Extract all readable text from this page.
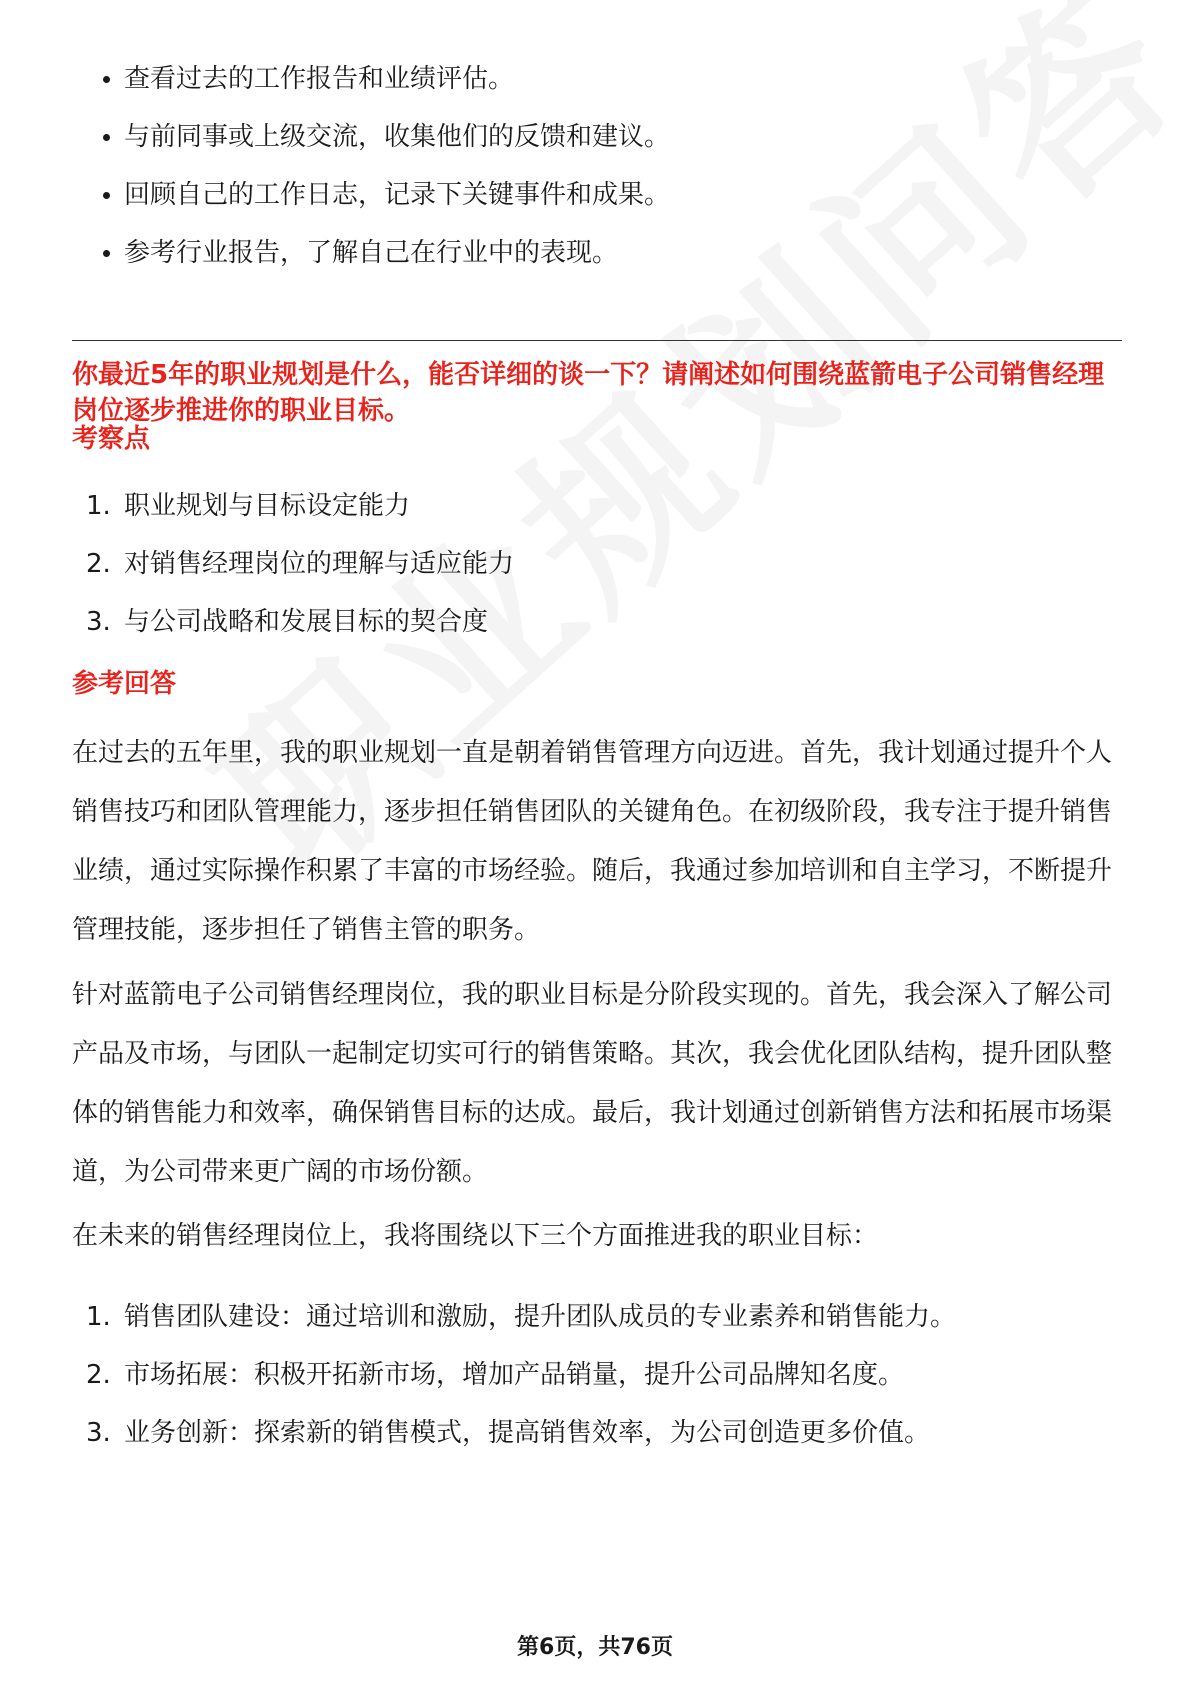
查看过去的工作报告和业绩评估。
与前同事或上级交流，收集他们的反馈和建议。
回顾自己的工作日志，记录下关键事件和成果。
参考行业报告，了解自己在行业中的表现。
你最近5年的职业规划是什么，能否详细的谈一下？请阐述如何围绕蓝箭电子公司销售经理岗位逐步推进你的职业目标。
考察点
1. 职业规划与目标设定能力
2. 对销售经理岗位的理解与适应能力
3. 与公司战略和发展目标的契合度
参考回答

在过去的五年里，我的职业规划一直是朝着销售管理方向迈进。首先，我计划通过提升个人销售技巧和团队管理能力，逐步担任销售团队的关键角色。在初级阶段，我专注于提升销售业绩，通过实际操作积累了丰富的市场经验。随后，我通过参加培训和自主学习，不断提升管理技能，逐步担任了销售主管的职务。

针对蓝箭电子公司销售经理岗位，我的职业目标是分阶段实现的。首先，我会深入了解公司产品及市场，与团队一起制定切实可行的销售策略。其次，我会优化团队结构，提升团队整体的销售能力和效率，确保销售目标的达成。最后，我计划通过创新销售方法和拓展市场渠道，为公司带来更广阔的市场份额。

在未来的销售经理岗位上，我将围绕以下三个方面推进我的职业目标：

1. 销售团队建设：通过培训和激励，提升团队成员的专业素养和销售能力。
2. 市场拓展：积极开拓新市场，增加产品销量，提升公司品牌知名度。
3. 业务创新：探索新的销售模式，提高销售效率，为公司创造更多价值。
第6页，共76页
